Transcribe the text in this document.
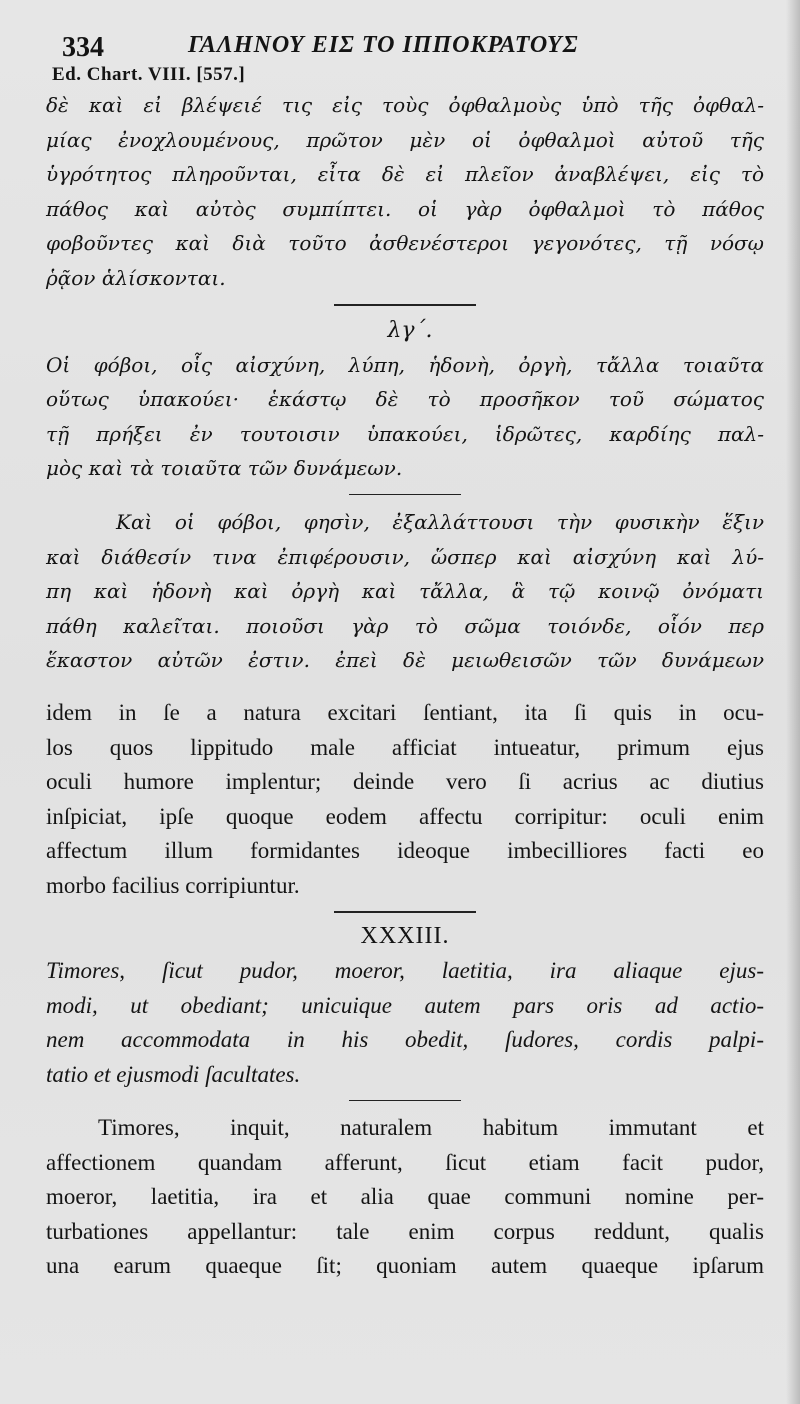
334	ΓΑΛΗΝΟΥ ΕΙΣ ΤΟ ΙΠΠΟΚΡΑΤΟΥΣ
Ed. Chart. VIII. [557.]
δὲ καὶ εἰ βλέψειέ τις εἰς τοὺς ὀφθαλμοὺς ὑπὸ τῆς ὀφθαλ-
μίας ἐνοχλουμένους, πρῶτον μὲν οἱ ὀφθαλμοὶ αὐτοῦ τῆς
ὑγρότητος πληροῦνται, εἶτα δὲ εἰ πλεῖον ἀναβλέψει, εἰς τὸ
πάθος καὶ αὐτὸς συμπίπτει. οἱ γὰρ ὀφθαλμοὶ τὸ πάθος
φοβοῦντες καὶ διὰ τοῦτο ἀσθενέστεροι γεγονότες, τῇ νόσῳ
ῥᾷον ἁλίσκονται.
λγ΄.
Οἱ φόβοι, οἷς αἰσχύνη, λύπη, ἡδονὴ, ὀργὴ, τἄλλα τοιαῦτα
οὕτως ὑπακούει· ἑκάστῳ δὲ τὸ προσῆκον τοῦ σώματος
τῇ πρήξει ἐν τουτοισιν ὑπακούει, ἱδρῶτες, καρδίης παλ-
μὸς καὶ τὰ τοιαῦτα τῶν δυνάμεων.
Καὶ οἱ φόβοι, φησὶν, ἐξαλλάττουσι τὴν φυσικὴν ἕξιν
καὶ διάθεσίν τινα ἐπιφέρουσιν, ὥσπερ καὶ αἰσχύνη καὶ λύ-
πη καὶ ἡδονὴ καὶ ὀργὴ καὶ τἄλλα, ἃ τῷ κοινῷ ὀνόματι
πάθη καλεῖται. ποιοῦσι γὰρ τὸ σῶμα τοιόνδε, οἷόν περ
ἕκαστον αὐτῶν ἐστιν. ἐπεὶ δὲ μειωθεισῶν τῶν δυνάμεων
idem in ſe a natura excitari ſentiant, ita ſi quis in ocu-
los quos lippitudo male afficiat intueatur, primum ejus
oculi humore implentur; deinde vero ſi acrius ac diutius
inſpiciat, ipſe quoque eodem affectu corripitur: oculi enim
affectum illum formidantes ideoque imbecilliores facti eo
morbo facilius corripiuntur.
XXXIII.
Timores, ſicut pudor, moeror, laetitia, ira aliaque ejus-
modi, ut obediant; unicuique autem pars oris ad actio-
nem accommodata in his obedit, ſudores, cordis palpi-
tatio et ejusmodi ſacultates.
Timores, inquit, naturalem habitum immutant et
affectionem quandam afferunt, ſicut etiam facit pudor,
moeror, laetitia, ira et alia quae communi nomine per-
turbationes appellantur: tale enim corpus reddunt, qualis
una earum quaeque ſit; quoniam autem quaeque ipſarum
